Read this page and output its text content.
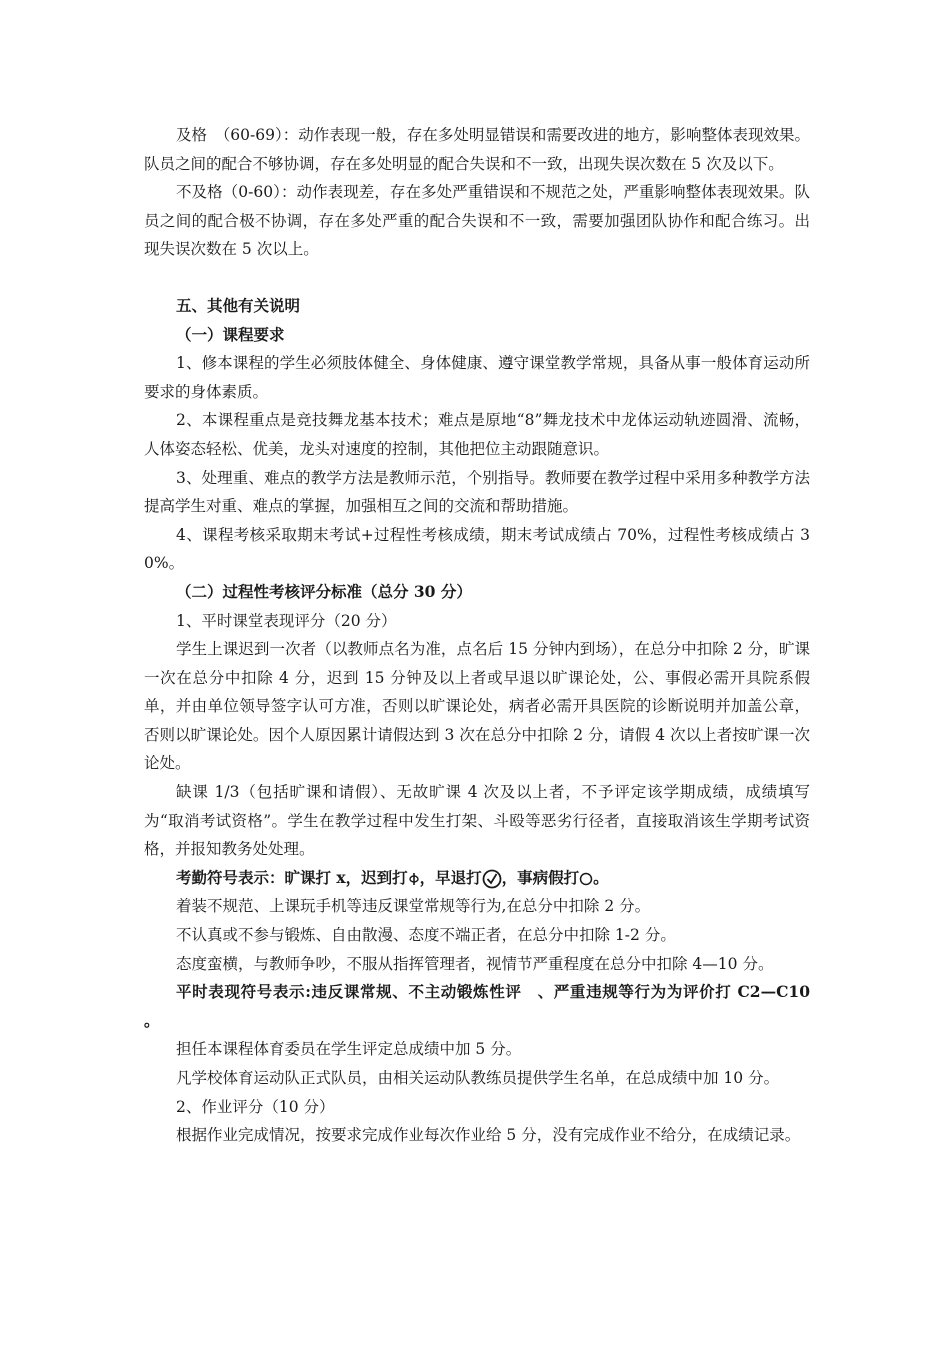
及格　（60-69）：动作表现一般，存在多处明显错误和需要改进的地方，影响整体表现效果。队员之间的配合不够协调，存在多处明显的配合失误和不一致，出现失误次数在 5 次及以下。

不及格（0-60）：动作表现差，存在多处严重错误和不规范之处，严重影响整体表现效果。队员之间的配合极不协调，存在多处严重的配合失误和不一致，需要加强团队协作和配合练习。出现失误次数在 5 次以上。

五、其他有关说明

（一）课程要求

1、修本课程的学生必须肢体健全、身体健康、遵守课堂教学常规，具备从事一般体育运动所要求的身体素质。

2、本课程重点是竞技舞龙基本技术；难点是原地“8”舞龙技术中龙体运动轨迹圆滑、流畅，人体姿态轻松、优美，龙头对速度的控制，其他把位主动跟随意识。

3、处理重、难点的教学方法是教师示范，个别指导。教师要在教学过程中采用多种教学方法提高学生对重、难点的掌握，加强相互之间的交流和帮助措施。

4、课程考核采取期末考试+过程性考核成绩，期末考试成绩占 70%，过程性考核成绩占 30%。

（二）过程性考核评分标准（总分 30 分）

1、平时课堂表现评分（20 分）

学生上课迟到一次者（以教师点名为准，点名后 15 分钟内到场），在总分中扣除 2 分，旷课一次在总分中扣除 4 分，迟到 15 分钟及以上者或早退以旷课论处，公、事假必需开具院系假单，并由单位领导签字认可方准，否则以旷课论处，病者必需开具医院的诊断说明并加盖公章，否则以旷课论处。因个人原因累计请假达到 3 次在总分中扣除 2 分，请假 4 次以上者按旷课一次论处。

缺课 1/3（包括旷课和请假）、无故旷课 4 次及以上者，不予评定该学期成绩，成绩填写为“取消考试资格”。学生在教学过程中发生打架、斗殴等恶劣行径者，直接取消该生学期考试资格，并报知教务处处理。

考勤符号表示：旷课打 x，迟到打 ，早退打 ，事病假打 。

着装不规范、上课玩手机等违反课堂常规等行为,在总分中扣除 2 分。

不认真或不参与锻炼、自由散漫、态度不端正者，在总分中扣除 1-2 分。

态度蛮横，与教师争吵，不服从指挥管理者，视情节严重程度在总分中扣除 4—10 分。

平时表现符号表示:违反课常规、不主动锻炼性评　、严重违规等行为为评价打 C2—C10　。

担任本课程体育委员在学生评定总成绩中加 5 分。

凡学校体育运动队正式队员，由相关运动队教练员提供学生名单，在总成绩中加 10 分。

2、作业评分（10 分）

根据作业完成情况，按要求完成作业每次作业给 5 分，没有完成作业不给分，在成绩记录。
